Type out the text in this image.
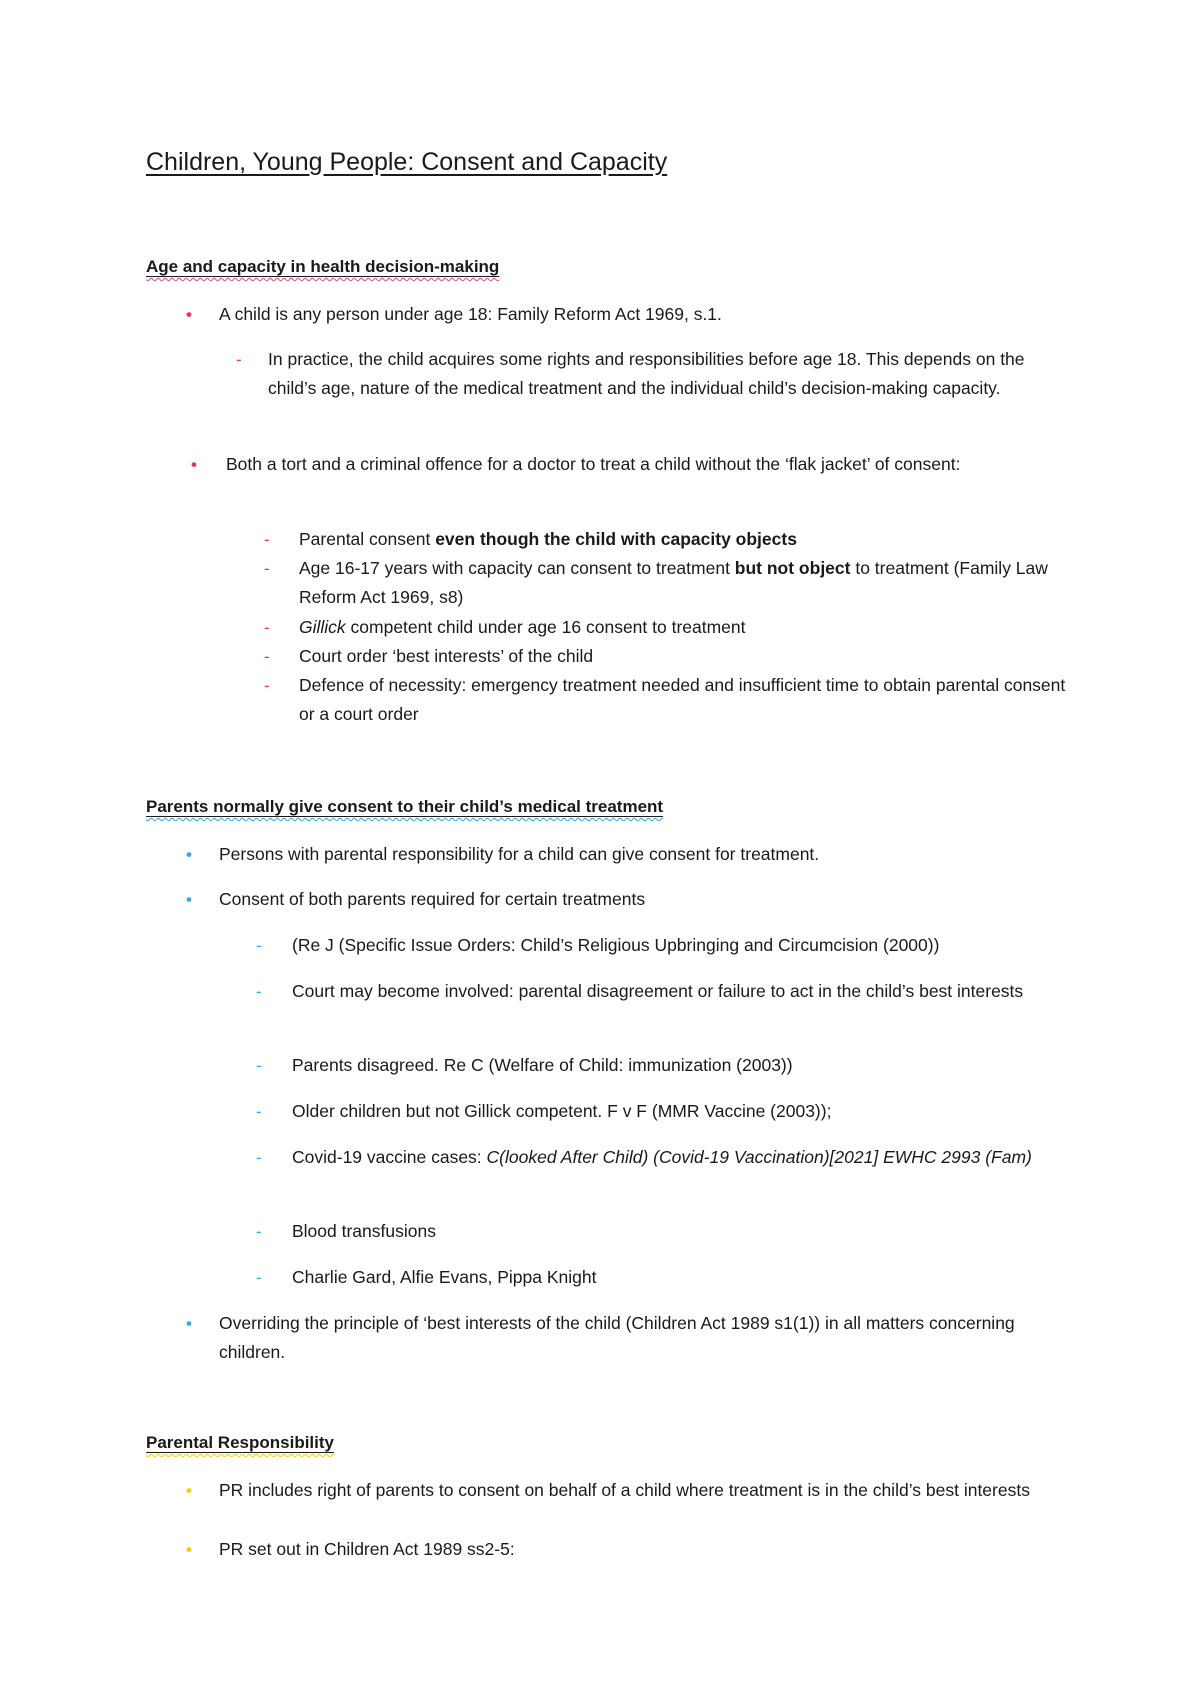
Children, Young People: Consent and Capacity
Age and capacity in health decision-making
• A child is any person under age 18: Family Reform Act 1969, s.1.

- In practice, the child acquires some rights and responsibilities before age 18. This depends on the child’s age, nature of the medical treatment and the individual child’s decision-making capacity.

• Both a tort and a criminal offence for a doctor to treat a child without the ‘flak jacket’ of consent:

- Parental consent even though the child with capacity objects

- Age 16-17 years with capacity can consent to treatment but not object to treatment (Family Law Reform Act 1969, s8)

- Gillick competent child under age 16 consent to treatment

- Court order ‘best interests’ of the child

- Defence of necessity: emergency treatment needed and insufficient time to obtain parental consent or a court order

Parents normally give consent to their child’s medical treatment
• Persons with parental responsibility for a child can give consent for treatment.

• Consent of both parents required for certain treatments

- (Re J (Specific Issue Orders: Child’s Religious Upbringing and Circumcision (2000))

- Court may become involved: parental disagreement or failure to act in the child’s best interests

- Parents disagreed. Re C (Welfare of Child: immunization (2003))

- Older children but not Gillick competent. F v F (MMR Vaccine (2003));

- Covid-19 vaccine cases: C(looked After Child) (Covid-19 Vaccination)[2021] EWHC 2993 (Fam)

- Blood transfusions

- Charlie Gard, Alfie Evans, Pippa Knight

• Overriding the principle of ‘best interests of the child (Children Act 1989 s1(1)) in all matters concerning children.

Parental Responsibility
• PR includes right of parents to consent on behalf of a child where treatment is in the child’s best interests

• PR set out in Children Act 1989 ss2-5:
